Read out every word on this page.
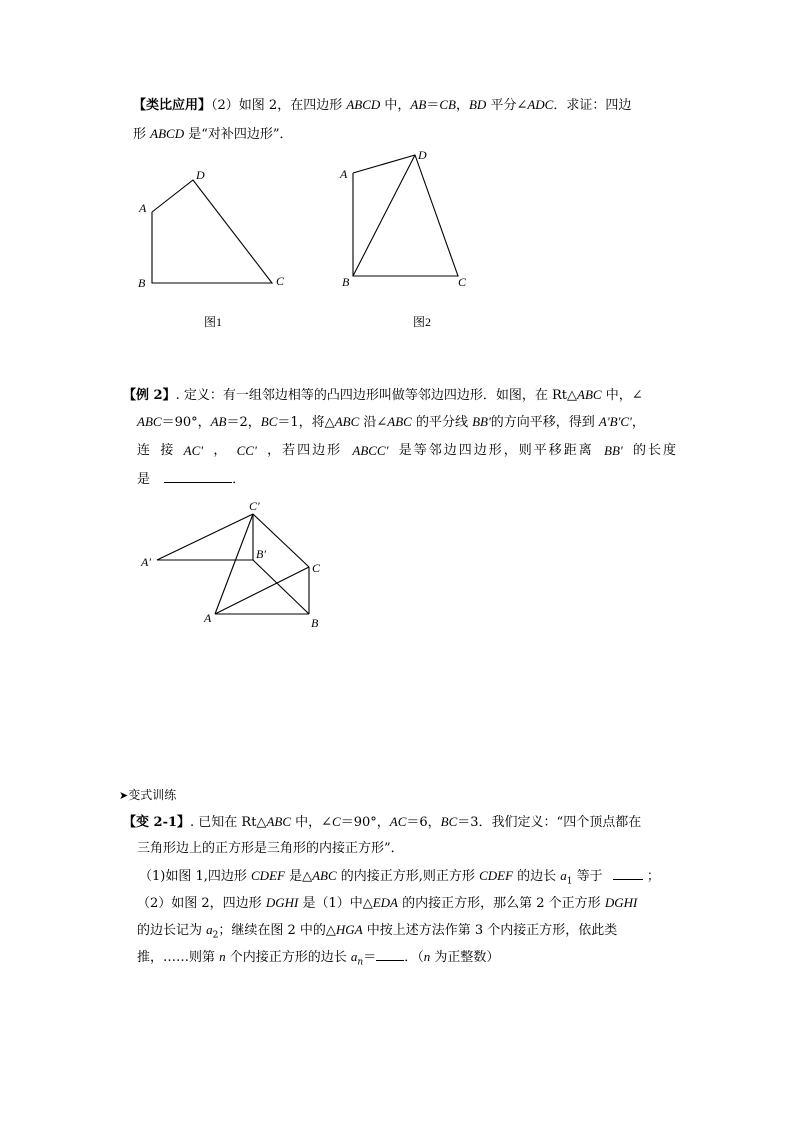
【类比应用】（2）如图 2，在四边形 ABCD 中，AB＝CB，BD 平分∠ADC．求证：四边
形 ABCD 是“对补四边形”．
A
B	C
D
图1
A
B	C
D
图2
【例 2】. 定义：有一组邻边相等的凸四边形叫做等邻边四边形．如图，在 Rt△ABC 中，∠
ABC＝90°，AB＝2，BC＝1，将△ABC 沿∠ABC 的平分线 BB'的方向平移，得到 A'B'C'，
连 接 AC' ， CC' ，若四边形 ABCC' 是等邻边四边形，则平移距离 BB' 的长度
是	．
A′
B′
C′
A	B
C
➤变式训练
【变 2-1】. 已知在 Rt△ABC 中，∠C＝90°，AC＝6，BC＝3．我们定义：“四个顶点都在
三角形边上的正方形是三角形的内接正方形”．
（1)如图 1,四边形 CDEF 是△ABC 的内接正方形,则正方形 CDEF 的边长 $a_1$ 等于	；
（2）如图 2，四边形 DGHI 是（1）中△EDA 的内接正方形，那么第 2 个正方形 DGHI
的边长记为 $a_2$；继续在图 2 中的△HGA 中按上述方法作第 3 个内接正方形，依此类
推，……则第 n 个内接正方形的边长 $a_n=$ ．（n 为正整数）
